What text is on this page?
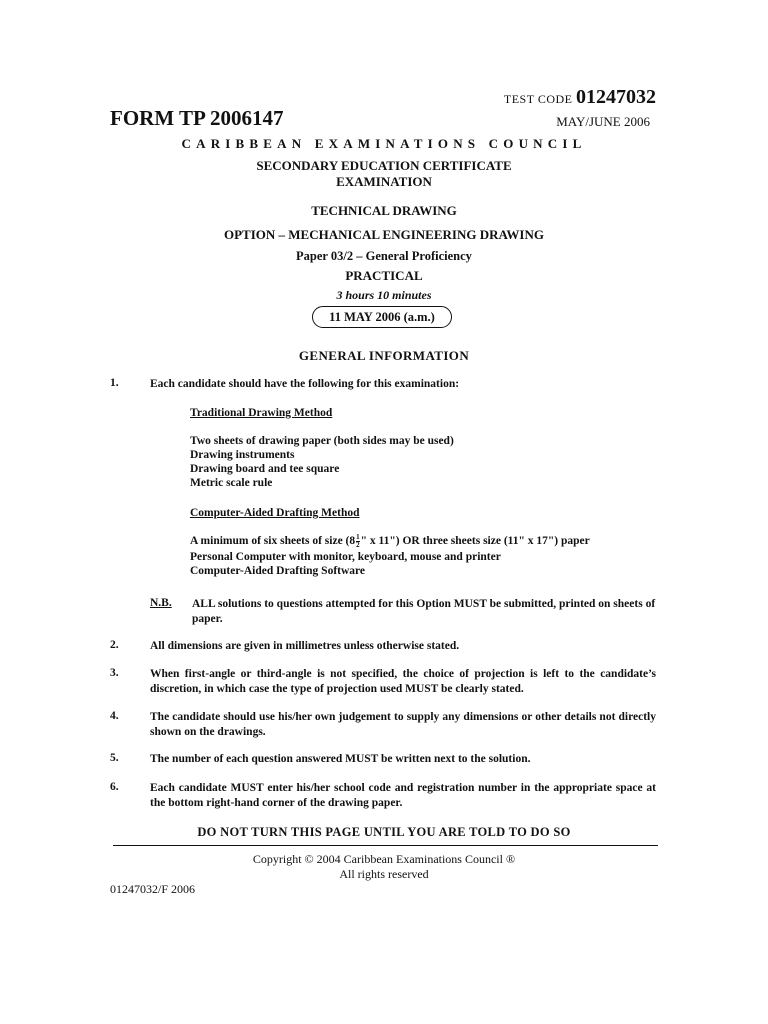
TEST CODE 01247032
FORM TP 2006147	MAY/JUNE 2006
CARIBBEAN EXAMINATIONS COUNCIL
SECONDARY EDUCATION CERTIFICATE
EXAMINATION
TECHNICAL DRAWING
OPTION – MECHANICAL ENGINEERING DRAWING
Paper 03/2 – General Proficiency
PRACTICAL
3 hours 10 minutes
11 MAY 2006 (a.m.)
GENERAL INFORMATION
1.	Each candidate should have the following for this examination:
Traditional Drawing Method
Two sheets of drawing paper (both sides may be used)
Drawing instruments
Drawing board and tee square
Metric scale rule
Computer-Aided Drafting Method
A minimum of six sheets of size ($8 \frac{1}{2}$ " x 11") OR three sheets size (11" x 17") paper
Personal Computer with monitor, keyboard, mouse and printer
Computer-Aided Drafting Software
N.B. ALL solutions to questions attempted for this Option MUST be submitted, printed on sheets of paper.
2.	All dimensions are given in millimetres unless otherwise stated.
3.	When first-angle or third-angle is not specified, the choice of projection is left to the candidate’s discretion, in which case the type of projection used MUST be clearly stated.
4.	The candidate should use his/her own judgement to supply any dimensions or other details not directly shown on the drawings.
5.	The number of each question answered MUST be written next to the solution.
6.	Each candidate MUST enter his/her school code and registration number in the appropriate space at the bottom right-hand corner of the drawing paper.
DO NOT TURN THIS PAGE UNTIL YOU ARE TOLD TO DO SO
Copyright © 2004 Caribbean Examinations Council ®
All rights reserved
01247032/F 2006
